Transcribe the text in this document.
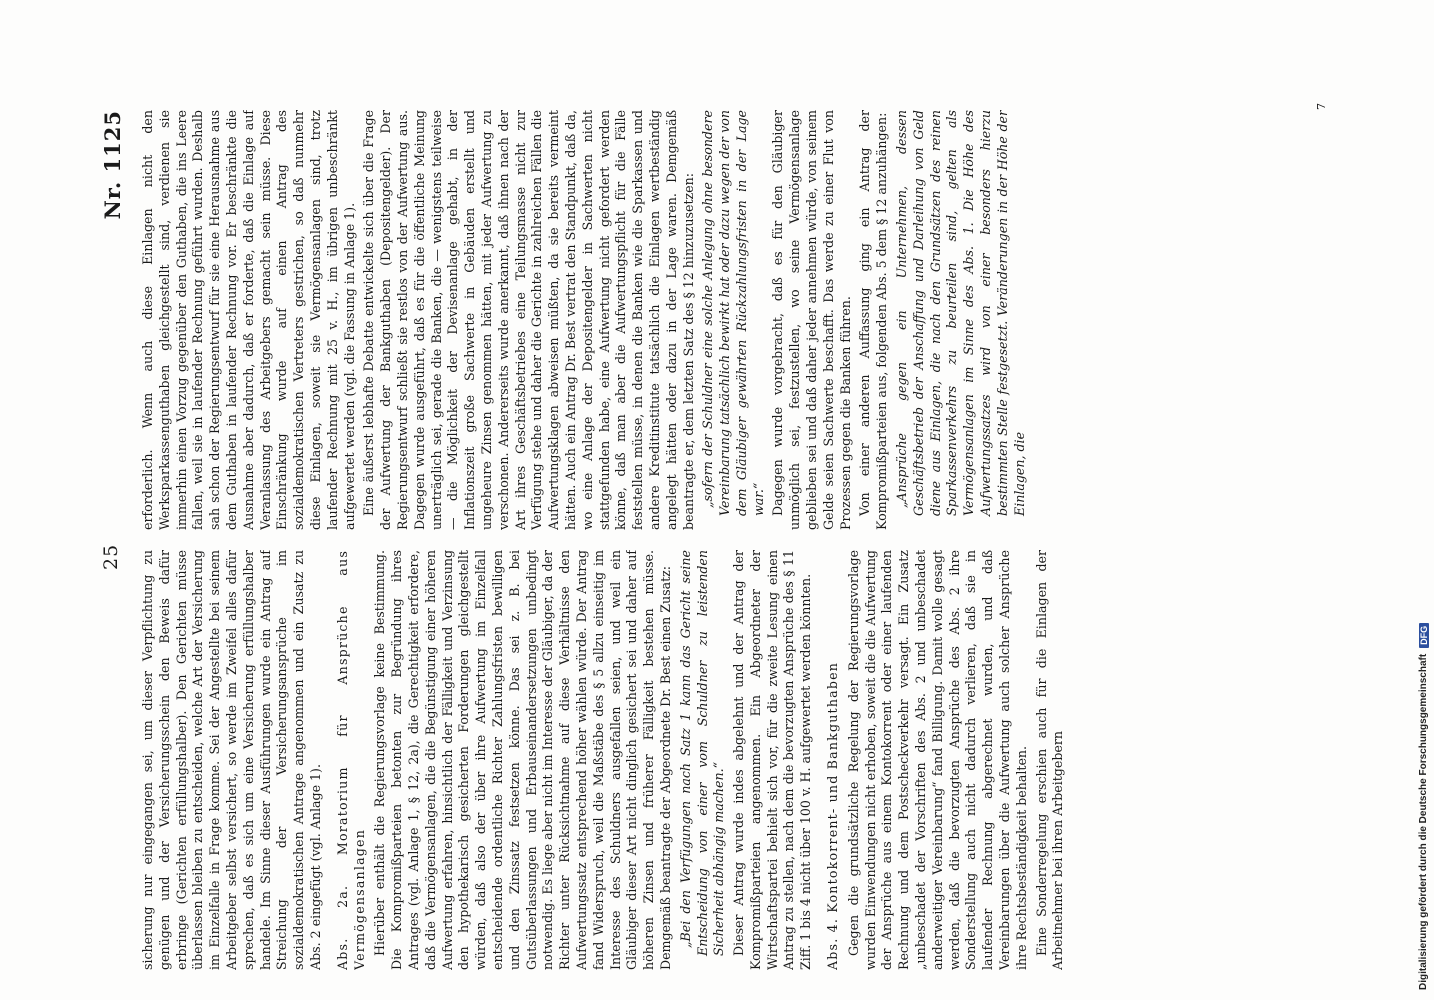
25
Nr. 1125

sicherung nur eingegangen sei, um dieser Verpflichtung zu genügen und der Versicherungsschein den Beweis dafür erbringe (Gerichten erfüllungshalber). Den Gerichten müsse überlassen bleiben zu entscheiden, welche Art der Versicherung im Einzelfalle in Frage komme. Sei der Angestellte bei seinem Arbeitgeber selbst versichert, so werde im Zweifel alles dafür sprechen, daß es sich um eine Versicherung erfüllungshalber handele. Im Sinne dieser Ausführungen wurde ein Antrag auf Streichung der Versicherungsansprüche im sozialdemokratischen Antrage angenommen und ein Zusatz zu Abs. 2 eingefügt (vgl. Anlage 1). Abs. 2a. Moratorium für Ansprüche aus Vermögensanlagen Hierüber enthält die Regierungsvorlage keine Bestimmung. Die Kompromißparteien betonten zur Begründung ihres Antrages (vgl. Anlage 1, § 12, 2a), die Gerechtigkeit erfordere, daß die Vermögensanlagen, die die Begünstigung einer höheren Aufwertung erfahren, hinsichtlich der Fälligkeit und Verzinsung den hypothekarisch gesicherten Forderungen gleichgestellt würden, daß also der über ihre Aufwertung im Einzelfall entscheidende ordentliche Richter Zahlungsfristen bewilligen und den Zinssatz festsetzen könne. Das sei z. B. bei Gutsüberlassungen und Erbauseinandersetzungen unbedingt notwendig. Es liege aber nicht im Interesse der Gläubiger, da der Richter unter Rücksichtnahme auf diese Verhältnisse den Aufwertungssatz entsprechend höher wählen würde. Der Antrag fand Widerspruch, weil die Maßstäbe des § 5 allzu einseitig im Interesse des Schuldners ausgefallen seien, und weil ein Gläubiger dieser Art nicht dinglich gesichert sei und daher auf höheren Zinsen und früherer Fälligkeit bestehen müsse. Demgemäß beantragte der Abgeordnete Dr. Best einen Zusatz: „Bei den Verfügungen nach Satz 1 kann das Gericht seine Entscheidung von einer vom Schuldner zu leistenden Sicherheit abhängig machen.“ Dieser Antrag wurde indes abgelehnt und der Antrag der Kompromißparteien angenommen. Ein Abgeordneter der Wirtschaftspartei behielt sich vor, für die zweite Lesung einen Antrag zu stellen, nach dem die bevorzugten Ansprüche des § 11 Ziff. 1 bis 4 nicht über 100 v. H. aufgewertet werden könnten. Abs. 4. Kontokorrent- und Bankguthaben Gegen die grundsätzliche Regelung der Regierungsvorlage wurden Einwendungen nicht erhoben, soweit die die Aufwertung der Ansprüche aus einem Kontokorrent oder einer laufenden Rechnung und dem Postscheckverkehr versagt. Ein Zusatz „unbeschadet der Vorschriften des Abs. 2 und unbeschadet anderweitiger Vereinbarung“ fand Billigung. Damit wolle gesagt werden, daß die bevorzugten Ansprüche des Abs. 2 ihre Sonderstellung auch nicht dadurch verlieren, daß sie in laufender Rechnung abgerechnet wurden, und daß Vereinbarungen über die Aufwertung auch solcher Ansprüche ihre Rechtsbeständigkeit behalten. Eine Sonderregelung erschien auch für die Einlagen der Arbeitnehmer bei ihren Arbeitgebern

erforderlich. Wenn auch diese Einlagen nicht den Werksparkassenguthaben gleichgestellt sind, verdienen sie immerhin einen Vorzug gegenüber den Guthaben, die ins Leere fallen, weil sie in laufender Rechnung geführt wurden. Deshalb sah schon der Regierungsentwurf für sie eine Herausnahme aus dem Guthaben in laufender Rechnung vor. Er beschränkte die Ausnahme aber dadurch, daß er forderte, daß die Einlage auf Veranlassung des Arbeitgebers gemacht sein müsse. Diese Einschränkung wurde auf einen Antrag des sozialdemokratischen Vertreters gestrichen, so daß nunmehr diese Einlagen, soweit sie Vermögensanlagen sind, trotz laufender Rechnung mit 25 v. H., im übrigen unbeschränkt aufgewertet werden (vgl. die Fassung in Anlage 1). Eine äußerst lebhafte Debatte entwickelte sich über die Frage der Aufwertung der Bankguthaben (Depositengelder). Der Regierungsentwurf schließt sie restlos von der Aufwertung aus. Dagegen wurde ausgeführt, daß es für die öffentliche Meinung unerträglich sei, gerade die Banken, die — wenigstens teilweise — die Möglichkeit der Devisenanlage gehabt, in der Inflationszeit große Sachwerte in Gebäuden erstellt und ungeheure Zinsen genommen hätten, mit jeder Aufwertung zu verschonen. Andererseits wurde anerkannt, daß ihnen nach der Art ihres Geschäftsbetriebes eine Teilungsmasse nicht zur Verfügung stehe und daher die Gerichte in zahlreichen Fällen die Aufwertungsklagen abweisen müßten, da sie bereits vermeint hätten. Auch ein Antrag Dr. Best vertrat den Standpunkt, daß da, wo eine Anlage der Depositengelder in Sachwerten nicht stattgefunden habe, eine Aufwertung nicht gefordert werden könne, daß man aber die Aufwertungspflicht für die Fälle feststellen müsse, in denen die Banken wie die Sparkassen und andere Kreditinstitute tatsächlich die Einlagen wertbeständig angelegt hätten oder dazu in der Lage waren. Demgemäß beantragte er, dem letzten Satz des § 12 hinzuzusetzen: „sofern der Schuldner eine solche Anlegung ohne besondere Vereinbarung tatsächlich bewirkt hat oder dazu wegen der von dem Gläubiger gewährten Rückzahlungsfristen in der Lage war.“ Dagegen wurde vorgebracht, daß es für den Gläubiger unmöglich sei, festzustellen, wo seine Vermögensanlage geblieben sei und daß daher jeder annehmen würde, von seinem Gelde seien Sachwerte beschafft. Das werde zu einer Flut von Prozessen gegen die Banken führen. Von einer anderen Auffassung ging ein Antrag der Kompromißparteien aus, folgenden Abs. 5 dem § 12 anzuhängen: „Ansprüche gegen ein Unternehmen, dessen Geschäftsbetrieb der Anschaffung und Darleihung von Geld diene aus Einlagen, die nach den Grundsätzen des reinen Sparkassenverkehrs zu beurteilen sind, gelten als Vermögensanlagen im Sinne des Abs. 1. Die Höhe des Aufwertungssatzes wird von einer besonders hierzu bestimmten Stelle festgesetzt. Veränderungen in der Höhe der Einlagen, die

7
Digitalisierung gefördert durch die Deutsche Forschungsgemeinschaft
DFG
